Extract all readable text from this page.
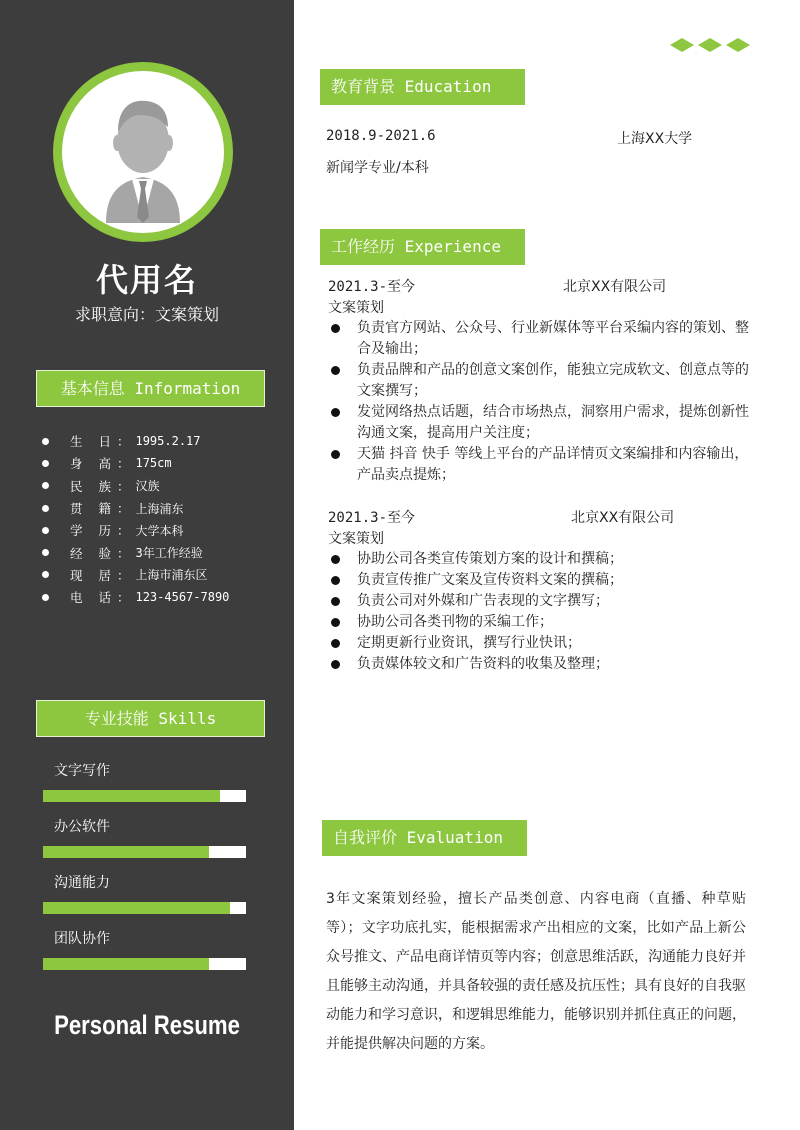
代用名
求职意向：文案策划
基本信息 Information
生 日： 1995.2.17
身 高： 175cm
民 族： 汉族
贯 籍： 上海浦东
学 历： 大学本科
经 验： 3年工作经验
现 居： 上海市浦东区
电 话： 123-4567-7890
专业技能 Skills
文字写作
办公软件
沟通能力
团队协作
Personal Resume
教育背景 Education
2018.9-2021.6	上海XX大学
新闻学专业/本科
工作经历 Experience
2021.3-至今	北京XX有限公司
文案策划
负责官方网站、公众号、行业新媒体等平台采编内容的策划、整合及输出；
负责品牌和产品的创意文案创作，能独立完成软文、创意点等的文案撰写；
发觉网络热点话题，结合市场热点，洞察用户需求，提炼创新性沟通文案，提高用户关注度；
天猫 抖音 快手 等线上平台的产品详情页文案编排和内容输出，产品卖点提炼；
2021.3-至今	北京XX有限公司
文案策划
协助公司各类宣传策划方案的设计和撰稿；
负责宣传推广文案及宣传资料文案的撰稿；
负责公司对外媒和广告表现的文字撰写；
协助公司各类刊物的采编工作；
定期更新行业资讯，撰写行业快讯；
负责媒体较文和广告资料的收集及整理；
自我评价 Evaluation
3年文案策划经验，擅长产品类创意、内容电商（直播、种草贴等）；文字功底扎实，能根据需求产出相应的文案，比如产品上新公众号推文、产品电商详情页等内容；创意思维活跃，沟通能力良好并且能够主动沟通，并具备较强的责任感及抗压性；具有良好的自我驱动能力和学习意识，和逻辑思维能力，能够识别并抓住真正的问题，并能提供解决问题的方案。
